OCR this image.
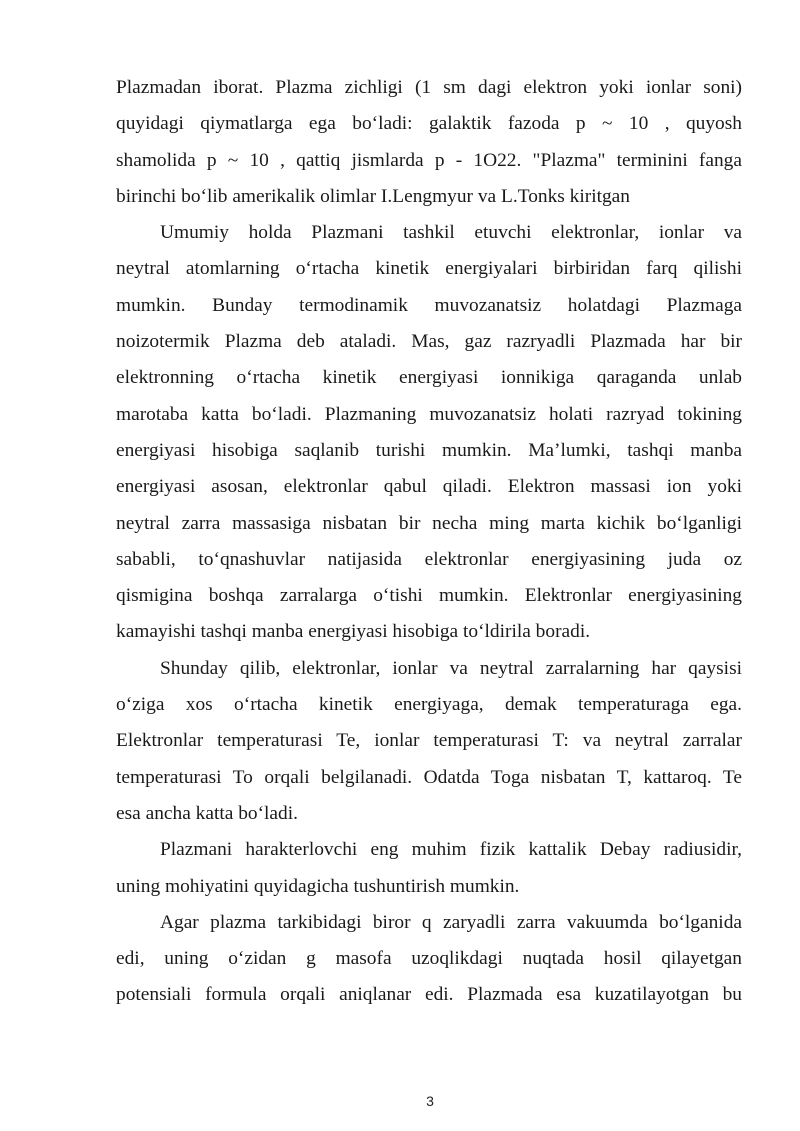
Plazmadan iborat. Plazma zichligi (1 sm dagi elektron yoki ionlar soni)
quyidagi qiymatlarga ega bo‘ladi: galaktik fazoda p ~ 10 , quyosh
shamolida p ~ 10 , qattiq jismlarda p - 1O22. "Plazma" terminini fanga
birinchi bo‘lib amerikalik olimlar I.Lengmyur va L.Tonks kiritgan
Umumiy holda Plazmani tashkil etuvchi elektronlar, ionlar va
neytral atomlarning o‘rtacha kinetik energiyalari birbiridan farq qilishi
mumkin. Bunday termodinamik muvozanatsiz holatdagi Plazmaga
noizotermik Plazma deb ataladi. Mas, gaz razryadli Plazmada har bir
elektronning o‘rtacha kinetik energiyasi ionnikiga qaraganda unlab
marotaba katta bo‘ladi. Plazmaning muvozanatsiz holati razryad tokining
energiyasi hisobiga saqlanib turishi mumkin. Ma’lumki, tashqi manba
energiyasi asosan, elektronlar qabul qiladi. Elektron massasi ion yoki
neytral zarra massasiga nisbatan bir necha ming marta kichik bo‘lganligi
sababli, to‘qnashuvlar natijasida elektronlar energiyasining juda oz
qismigina boshqa zarralarga o‘tishi mumkin. Elektronlar energiyasining
kamayishi tashqi manba energiyasi hisobiga to‘ldirila boradi.
Shunday qilib, elektronlar, ionlar va neytral zarralarning har qaysisi
o‘ziga xos o‘rtacha kinetik energiyaga, demak temperaturaga ega.
Elektronlar temperaturasi Te, ionlar temperaturasi T: va neytral zarralar
temperaturasi To orqali belgilanadi. Odatda Toga nisbatan T, kattaroq. Te
esa ancha katta bo‘ladi.
Plazmani harakterlovchi eng muhim fizik kattalik Debay radiusidir,
uning mohiyatini quyidagicha tushuntirish mumkin.
Agar plazma tarkibidagi biror q zaryadli zarra vakuumda bo‘lganida
edi, uning o‘zidan g masofa uzoqlikdagi nuqtada hosil qilayetgan
potensiali formula orqali aniqlanar edi. Plazmada esa kuzatilayotgan bu
3
